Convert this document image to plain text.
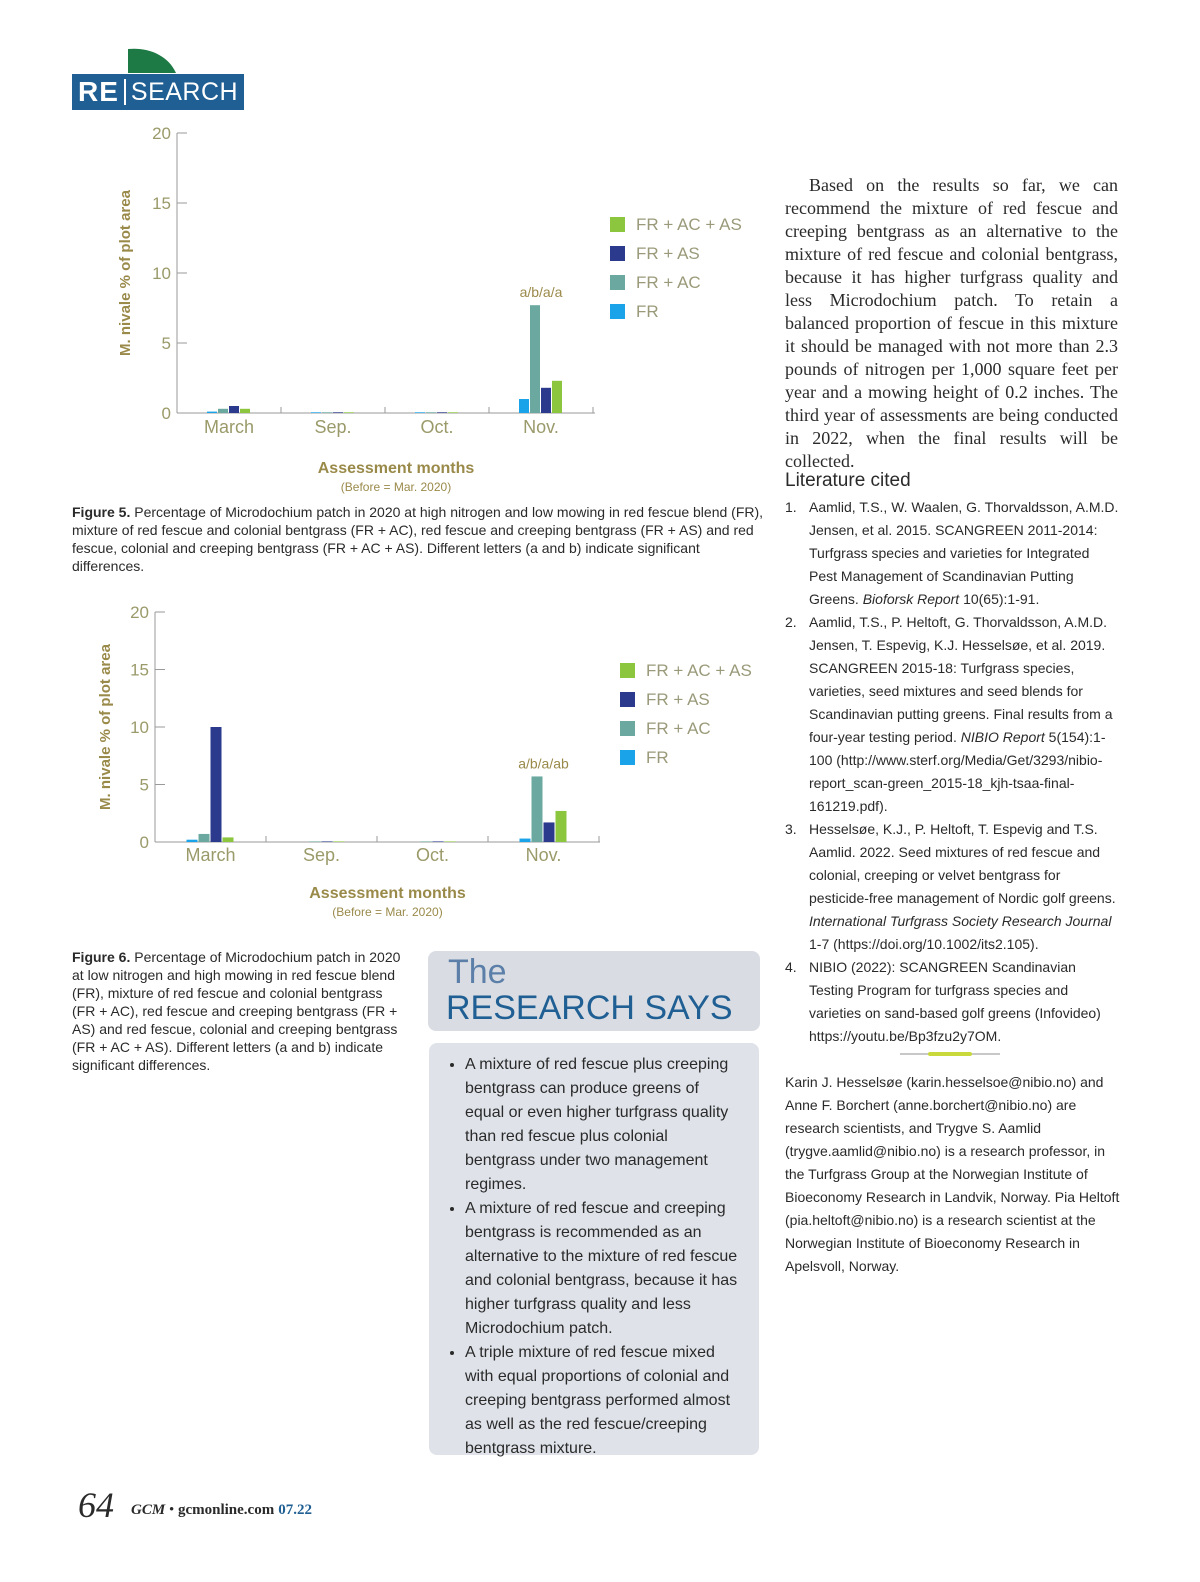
RE SEARCH
0
5
10
15
20
March	Sep.	Oct.	Nov.
a/b/a/a
M. nivale % of plot area
Assessment months
(Before = Mar. 2020)
FR + AC + AS
FR + AS
FR + AC
FR
Figure 5. Percentage of Microdochium patch in 2020 at high nitrogen and low mowing in red fescue blend (FR), mixture of red fescue and colonial bentgrass (FR + AC), red fescue and creeping bentgrass (FR + AS) and red fescue, colonial and creeping bentgrass (FR + AC + AS). Different letters (a and b) indicate significant differences.
0
5
10
15
20
March	Sep.	Oct.	Nov.
a/b/a/ab
M. nivale % of plot area
Assessment months
(Before = Mar. 2020)
FR + AC + AS
FR + AS
FR + AC
FR
Figure 6. Percentage of Microdochium patch in 2020 at low nitrogen and high mowing in red fescue blend (FR), mixture of red fescue and colonial bentgrass (FR + AC), red fescue and creeping bentgrass (FR + AS) and red fescue, colonial and creeping bentgrass (FR + AC + AS). Different letters (a and b) indicate significant differences.
The
RESEARCH SAYS
• A mixture of red fescue plus creeping bentgrass can produce greens of equal or even higher turfgrass quality than red fescue plus colonial bentgrass under two management regimes.
• A mixture of red fescue and creeping bentgrass is recommended as an alternative to the mixture of red fescue and colonial bentgrass, because it has higher turfgrass quality and less Microdochium patch.
• A triple mixture of red fescue mixed with equal proportions of colonial and creeping bentgrass performed almost as well as the red fescue/creeping bentgrass mixture.
Based on the results so far, we can recommend the mixture of red fescue and creeping bentgrass as an alternative to the mixture of red fescue and colonial bentgrass, because it has higher turfgrass quality and less Microdochium patch. To retain a balanced proportion of fescue in this mixture it should be managed with not more than 2.3 pounds of nitrogen per 1,000 square feet per year and a mowing height of 0.2 inches. The third year of assessments are being conducted in 2022, when the final results will be collected.
Literature cited
1. Aamlid, T.S., W. Waalen, G. Thorvaldsson, A.M.D. Jensen, et al. 2015. SCANGREEN 2011-2014: Turfgrass species and varieties for Integrated Pest Management of Scandinavian Putting Greens. Bioforsk Report 10(65):1-91.
2. Aamlid, T.S., P. Heltoft, G. Thorvaldsson, A.M.D. Jensen, T. Espevig, K.J. Hesselsøe, et al. 2019. SCANGREEN 2015-18: Turfgrass species, varieties, seed mixtures and seed blends for Scandinavian putting greens. Final results from a four-year testing period. NIBIO Report 5(154):1-100 (http://www.sterf.org/Media/Get/3293/nibio-report_scan-green_2015-18_kjh-tsaa-final-161219.pdf).
3. Hesselsøe, K.J., P. Heltoft, T. Espevig and T.S. Aamlid. 2022. Seed mixtures of red fescue and colonial, creeping or velvet bentgrass for pesticide-free management of Nordic golf greens. International Turfgrass Society Research Journal 1-7 (https://doi.org/10.1002/its2.105).
4. NIBIO (2022): SCANGREEN Scandinavian Testing Program for turfgrass species and varieties on sand-based golf greens (Infovideo) https://youtu.be/Bp3fzu2y7OM.
Karin J. Hesselsøe (karin.hesselsoe@nibio.no) and Anne F. Borchert (anne.borchert@nibio.no) are research scientists, and Trygve S. Aamlid (trygve.aamlid@nibio.no) is a research professor, in the Turfgrass Group at the Norwegian Institute of Bioeconomy Research in Landvik, Norway. Pia Heltoft (pia.heltoft@nibio.no) is a research scientist at the Norwegian Institute of Bioeconomy Research in Apelsvoll, Norway.
64 GCM • gcmonline.com 07.22
